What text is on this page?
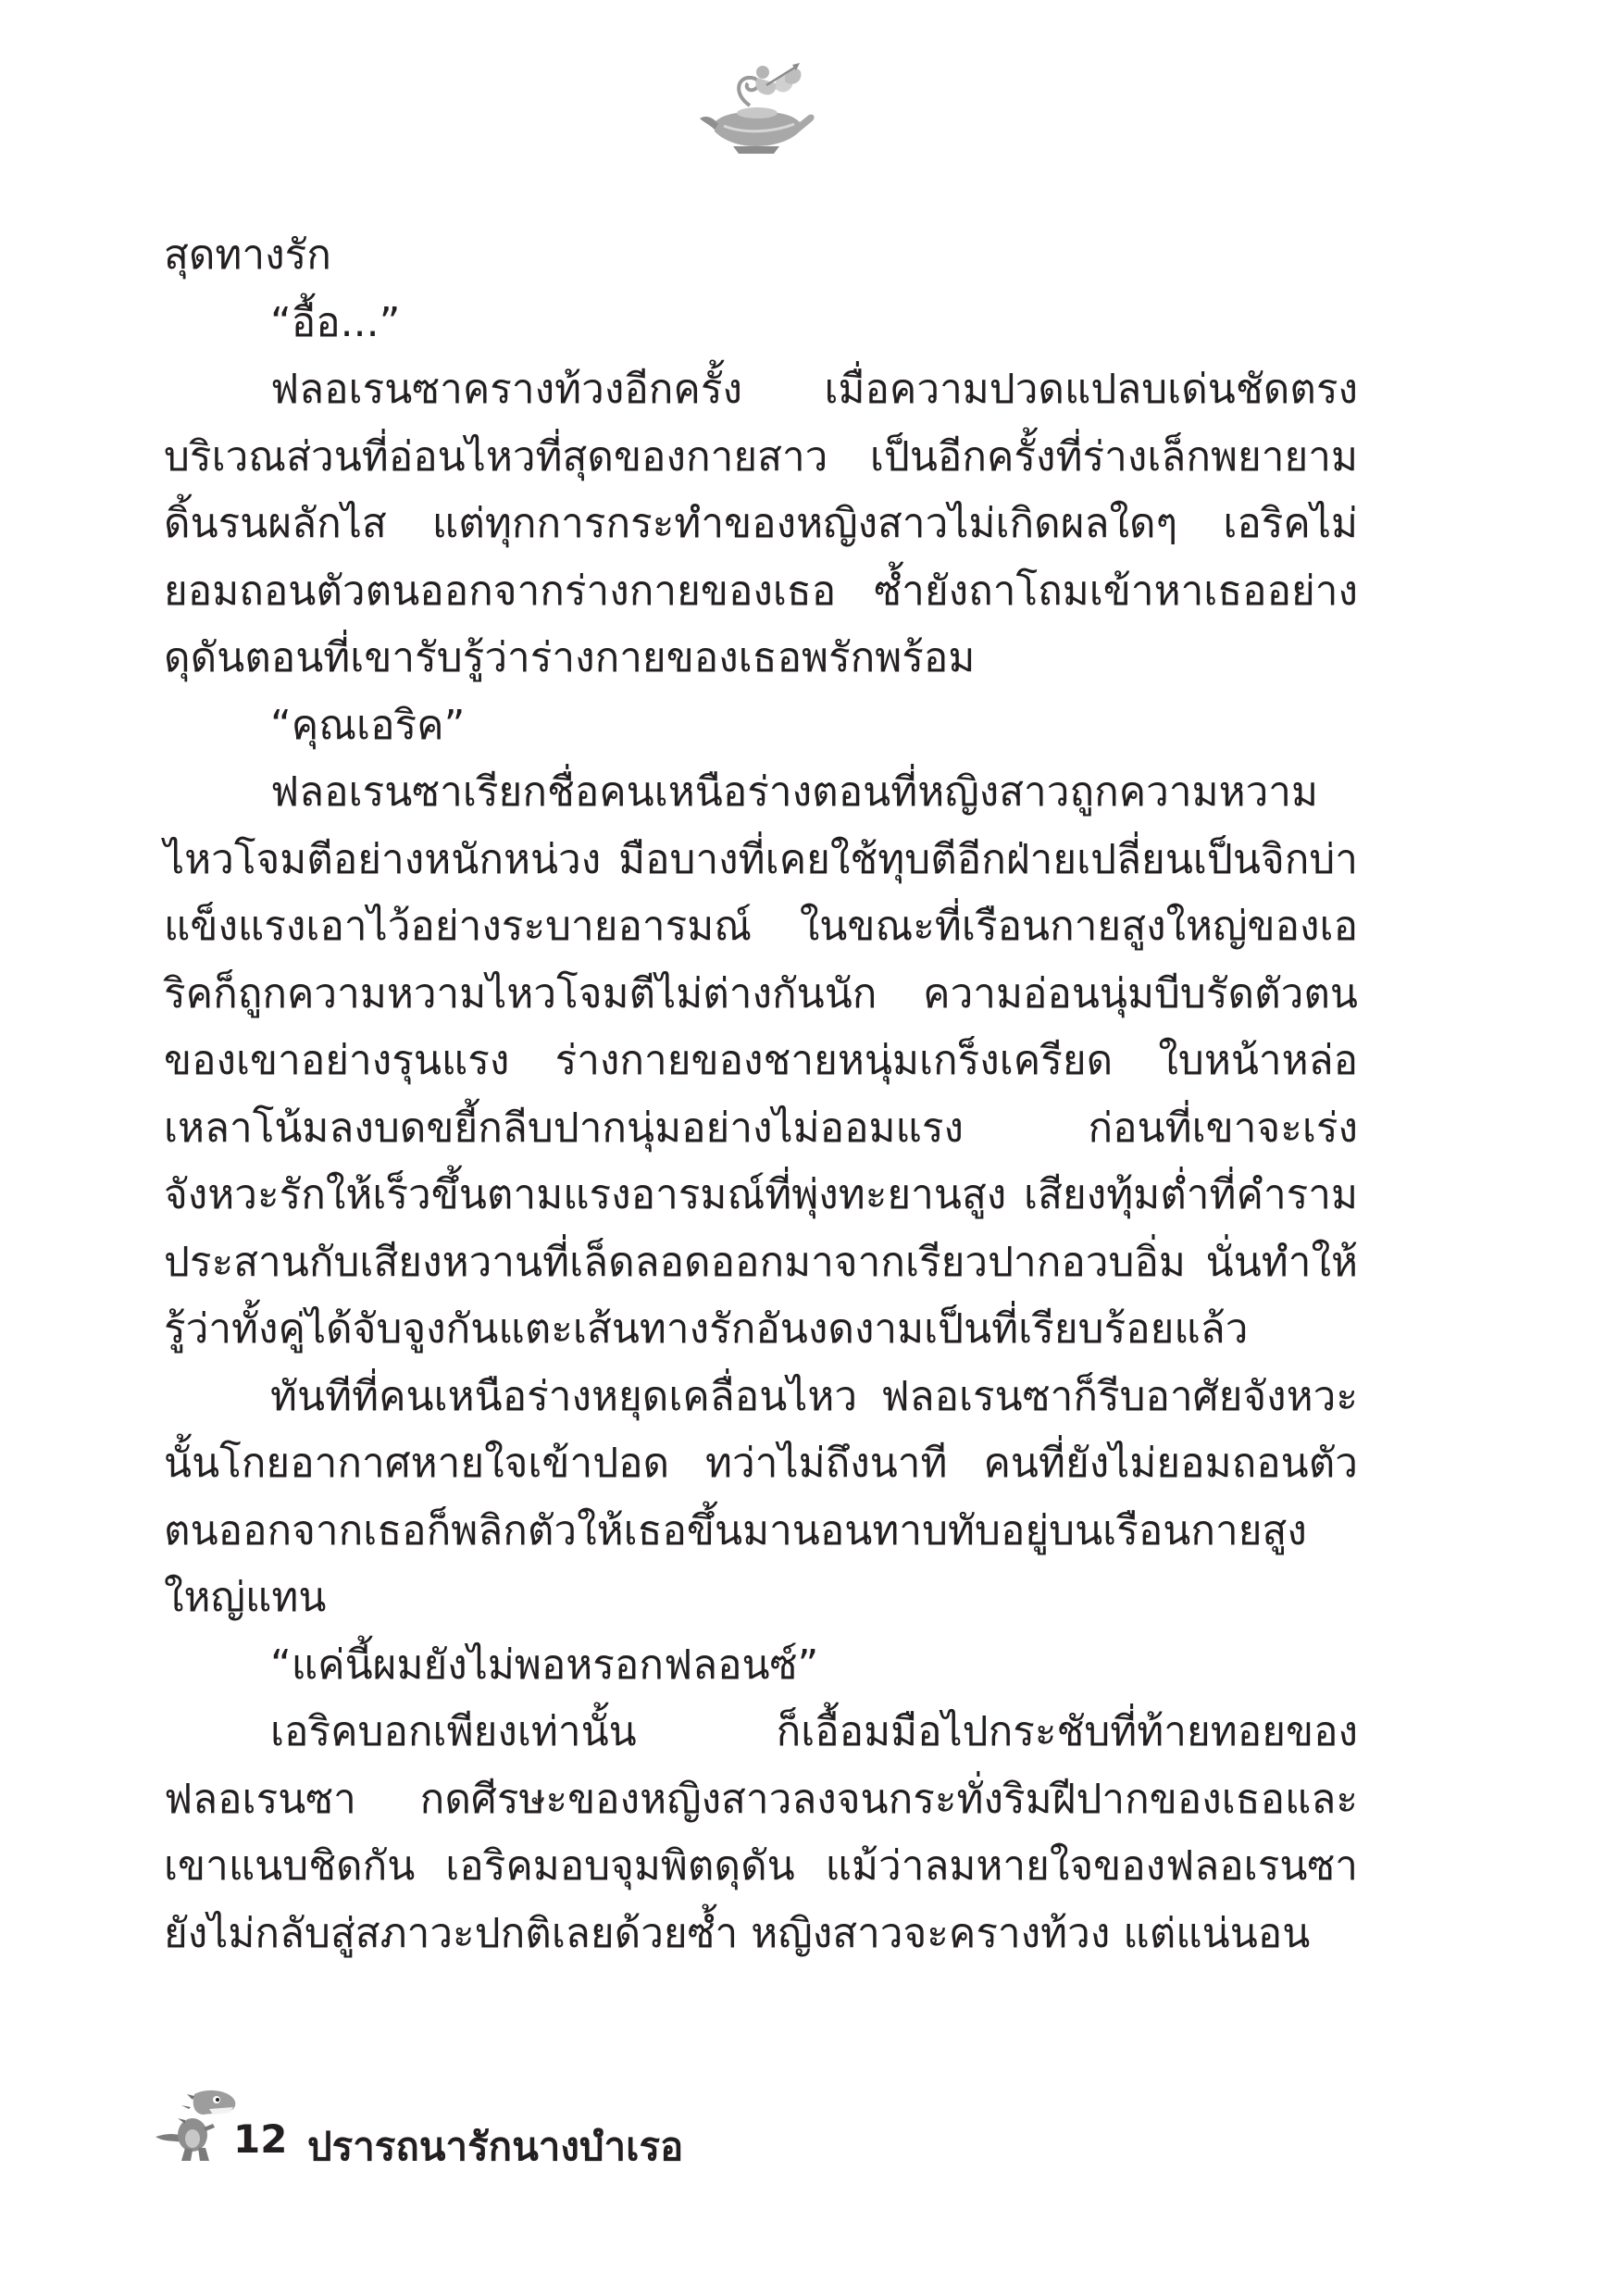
สุดทางรัก

“อื้อ...”

ฟลอเรนซาครางท้วงอีกครั้ง เมื่อความปวดแปลบเด่นชัดตรงบริเวณส่วนที่อ่อนไหวที่สุดของกายสาว เป็นอีกครั้งที่ร่างเล็กพยายามดิ้นรนผลักไส แต่ทุกการกระทำของหญิงสาวไม่เกิดผลใดๆ เอริคไม่ยอมถอนตัวตนออกจากร่างกายของเธอ ซ้ำยังถาโถมเข้าหาเธออย่างดุดันตอนที่เขารับรู้ว่าร่างกายของเธอพรักพร้อม

“คุณเอริค”

ฟลอเรนซาเรียกชื่อคนเหนือร่างตอนที่หญิงสาวถูกความหวามไหวโจมตีอย่างหนักหน่วง มือบางที่เคยใช้ทุบตีอีกฝ่ายเปลี่ยนเป็นจิกบ่าแข็งแรงเอาไว้อย่างระบายอารมณ์ ในขณะที่เรือนกายสูงใหญ่ของเอริคก็ถูกความหวามไหวโจมตีไม่ต่างกันนัก ความอ่อนนุ่มบีบรัดตัวตนของเขาอย่างรุนแรง ร่างกายของชายหนุ่มเกร็งเครียด ใบหน้าหล่อเหลาโน้มลงบดขยี้กลีบปากนุ่มอย่างไม่ออมแรง ก่อนที่เขาจะเร่งจังหวะรักให้เร็วขึ้นตามแรงอารมณ์ที่พุ่งทะยานสูง เสียงทุ้มต่ำที่คำรามประสานกับเสียงหวานที่เล็ดลอดออกมาจากเรียวปากอวบอิ่ม นั่นทำให้รู้ว่าทั้งคู่ได้จับจูงกันแตะเส้นทางรักอันงดงามเป็นที่เรียบร้อยแล้ว

ทันทีที่คนเหนือร่างหยุดเคลื่อนไหว ฟลอเรนซาก็รีบอาศัยจังหวะนั้นโกยอากาศหายใจเข้าปอด ทว่าไม่ถึงนาที คนที่ยังไม่ยอมถอนตัวตนออกจากเธอก็พลิกตัวให้เธอขึ้นมานอนทาบทับอยู่บนเรือนกายสูงใหญ่แทน

“แค่นี้ผมยังไม่พอหรอกฟลอนซ์”

เอริคบอกเพียงเท่านั้น ก็เอื้อมมือไปกระชับที่ท้ายทอยของฟลอเรนซา กดศีรษะของหญิงสาวลงจนกระทั่งริมฝีปากของเธอและเขาแนบชิดกัน เอริคมอบจุมพิตดุดัน แม้ว่าลมหายใจของฟลอเรนซายังไม่กลับสู่สภาวะปกติเลยด้วยซ้ำ หญิงสาวจะครางท้วง แต่แน่นอน

12 ปรารถนารักนางบำเรอ
